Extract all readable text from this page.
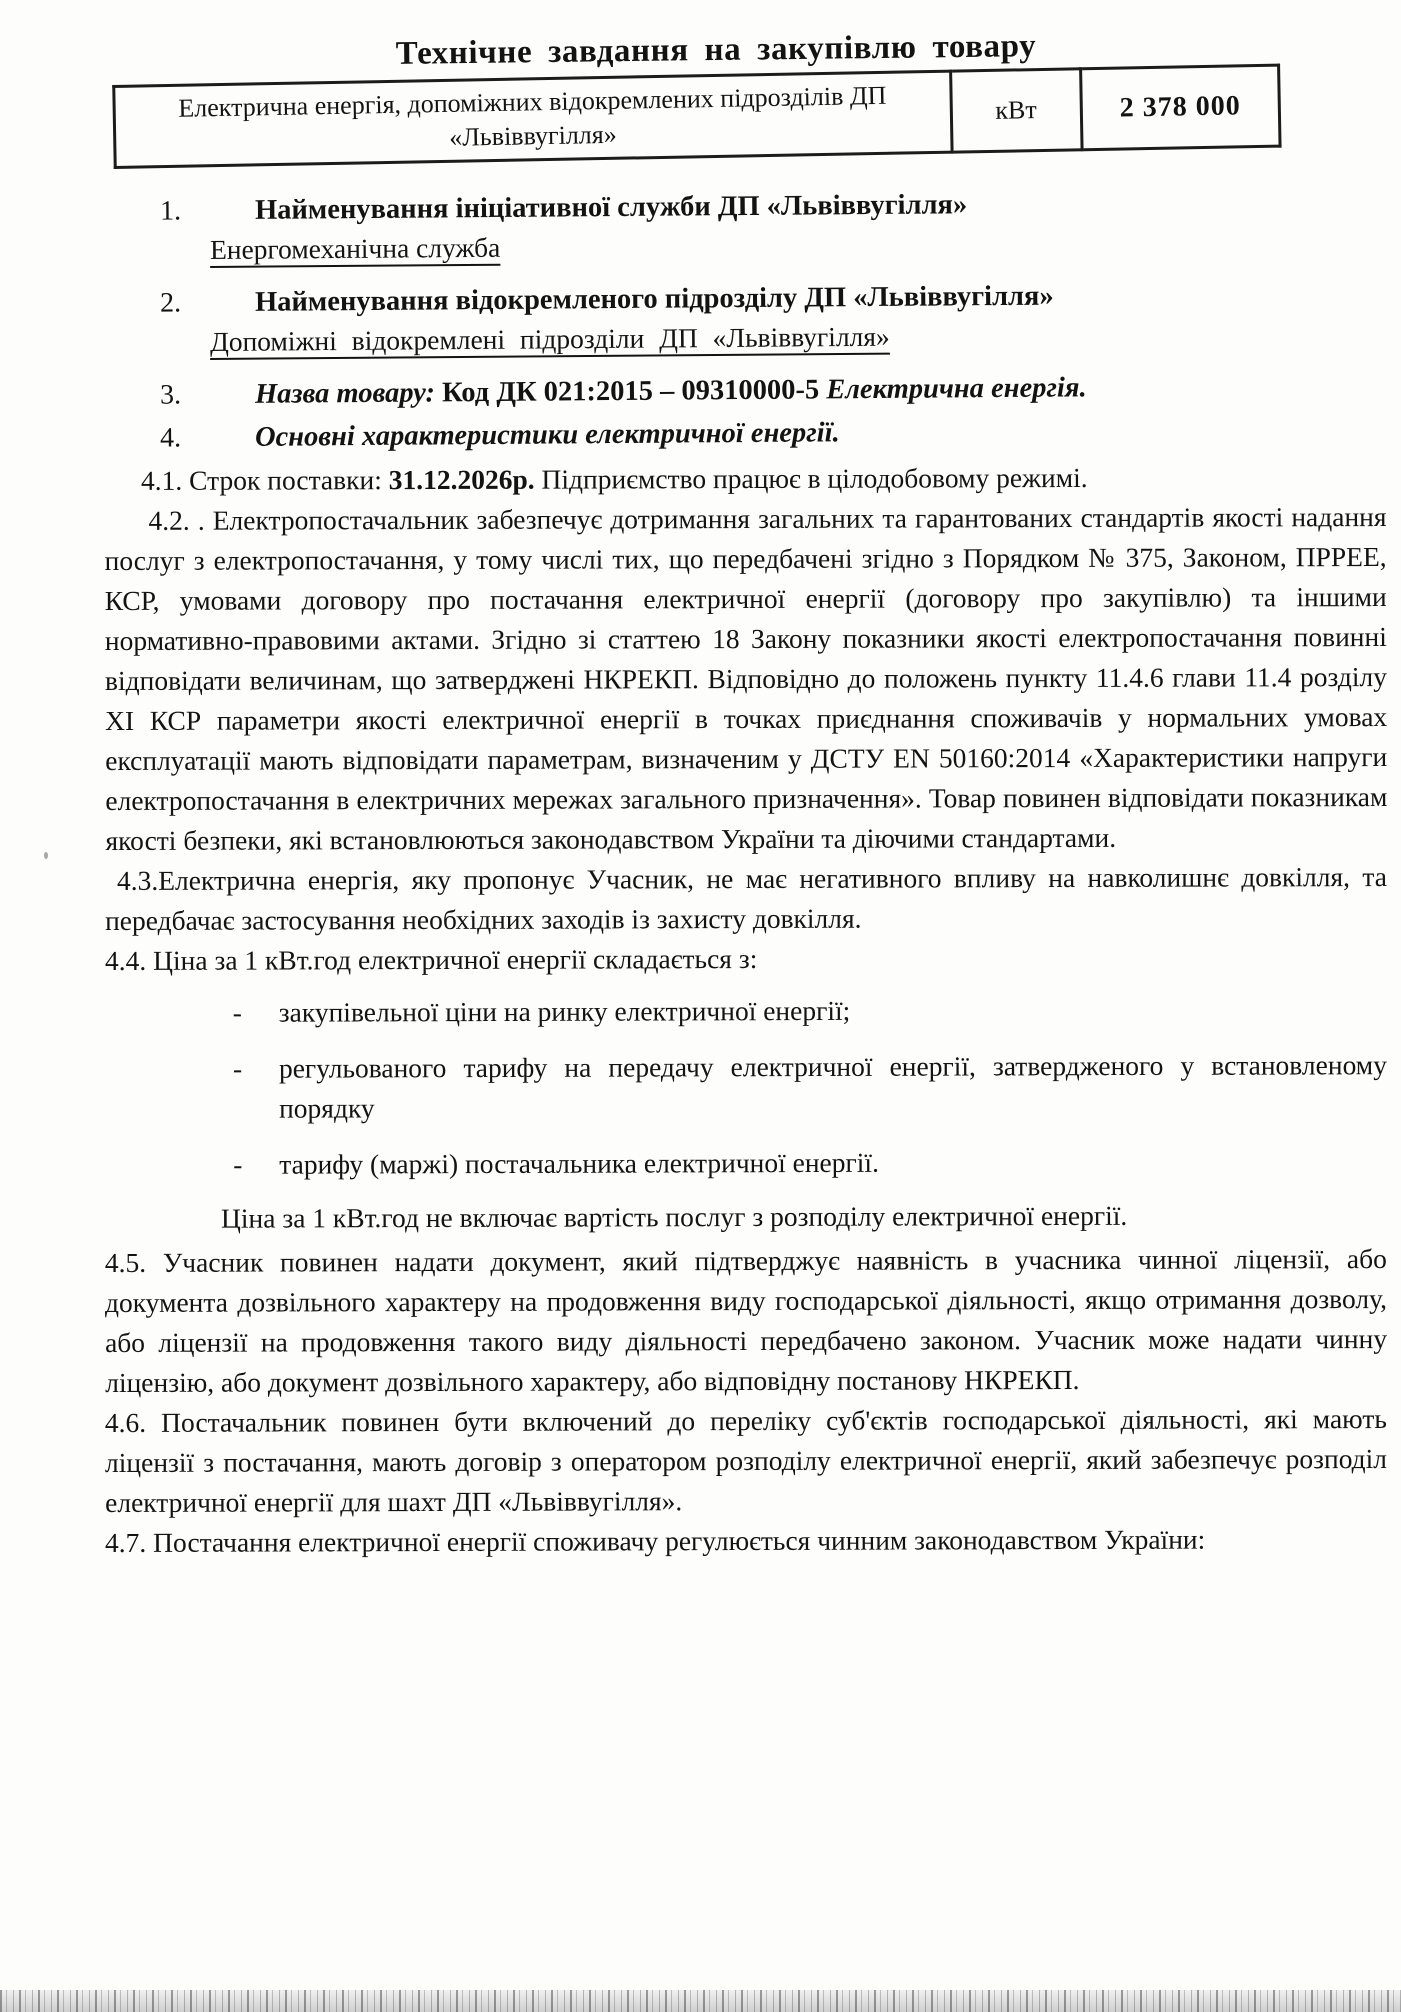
Технічне завдання на закупівлю товару
Електрична енергія, допоміжних відокремлених підрозділів ДП «Львіввугілля»	кВт	2 378 000
1.	Найменування ініціативної служби ДП «Львіввугілля»
Енергомеханічна служба
2.	Найменування відокремленого підрозділу ДП «Львіввугілля»
Допоміжні відокремлені підрозділи ДП «Львіввугілля»
3.	Назва товару: Код ДК 021:2015 – 09310000-5 Електрична енергія.
4.	Основні характеристики електричної енергії.

4.1. Строк поставки: 31.12.2026р. Підприємство працює в цілодобовому режимі.

4.2. . Електропостачальник забезпечує дотримання загальних та гарантованих стандартів якості надання послуг з електропостачання, у тому числі тих, що передбачені згідно з Порядком № 375, Законом, ПРРЕЕ, КСР, умовами договору про постачання електричної енергії (договору про закупівлю) та іншими нормативно-правовими актами. Згідно зі статтею 18 Закону показники якості електропостачання повинні відповідати величинам, що затверджені НКРЕКП. Відповідно до положень пункту 11.4.6 глави 11.4 розділу XI КСР параметри якості електричної енергії в точках приєднання споживачів у нормальних умовах експлуатації мають відповідати параметрам, визначеним у ДСТУ EN 50160:2014 «Характеристики напруги електропостачання в електричних мережах загального призначення». Товар повинен відповідати показникам якості безпеки, які встановлюються законодавством України та діючими стандартами.

4.3.Електрична енергія, яку пропонує Учасник, не має негативного впливу на навколишнє довкілля, та передбачає застосування необхідних заходів із захисту довкілля.

4.4. Ціна за 1 кВт.год електричної енергії складається з:

-	закупівельної ціни на ринку електричної енергії;
-	регульованого тарифу на передачу електричної енергії, затвердженого у встановленому порядку
-	тарифу (маржі) постачальника електричної енергії.

Ціна за 1 кВт.год не включає вартість послуг з розподілу електричної енергії.

4.5. Учасник повинен надати документ, який підтверджує наявність в учасника чинної ліцензії, або документа дозвільного характеру на продовження виду господарської діяльності, якщо отримання дозволу, або ліцензії на продовження такого виду діяльності передбачено законом. Учасник може надати чинну ліцензію, або документ дозвільного характеру, або відповідну постанову НКРЕКП.

4.6. Постачальник повинен бути включений до переліку суб'єктів господарської діяльності, які мають ліцензії з постачання, мають договір з оператором розподілу електричної енергії, який забезпечує розподіл електричної енергії для шахт ДП «Львіввугілля».

4.7. Постачання електричної енергії споживачу регулюється чинним законодавством України:
